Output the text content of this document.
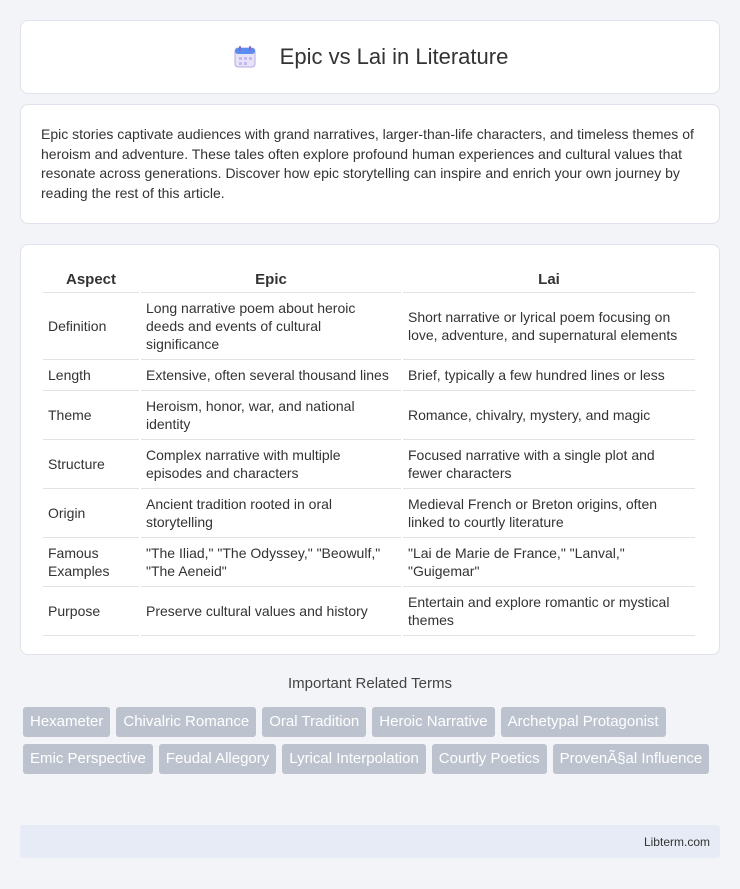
Epic vs Lai in Literature

Epic stories captivate audiences with grand narratives, larger-than-life characters, and timeless themes of heroism and adventure. These tales often explore profound human experiences and cultural values that resonate across generations. Discover how epic storytelling can inspire and enrich your own journey by reading the rest of this article.

Aspect	Epic	Lai
Definition	Long narrative poem about heroic deeds and events of cultural significance	Short narrative or lyrical poem focusing on love, adventure, and supernatural elements
Length	Extensive, often several thousand lines	Brief, typically a few hundred lines or less
Theme	Heroism, honor, war, and national identity	Romance, chivalry, mystery, and magic
Structure	Complex narrative with multiple episodes and characters	Focused narrative with a single plot and fewer characters
Origin	Ancient tradition rooted in oral storytelling	Medieval French or Breton origins, often linked to courtly literature
Famous Examples	"The Iliad," "The Odyssey," "Beowulf," "The Aeneid"	"Lai de Marie de France," "Lanval," "Guigemar"
Purpose	Preserve cultural values and history	Entertain and explore romantic or mystical themes
Important Related Terms
Hexameter	Chivalric Romance	Oral Tradition	Heroic Narrative	Archetypal Protagonist
Emic Perspective	Feudal Allegory	Lyrical Interpolation	Courtly Poetics	ProvenÃ§al Influence
Libterm.com
